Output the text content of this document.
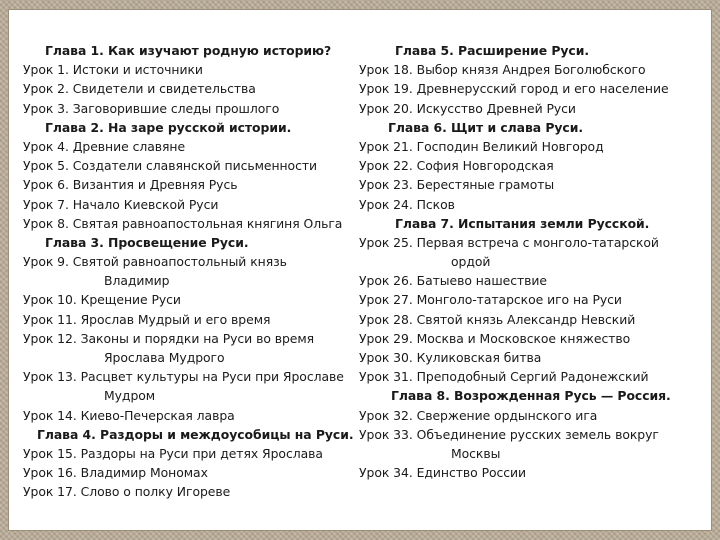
Глава 1. Как изучают родную историю?
Урок 1. Истоки и источники
Урок 2. Свидетели и свидетельства
Урок 3. Заговорившие следы прошлого
Глава 2. На заре русской истории.
Урок 4. Древние славяне
Урок 5. Создатели славянской письменности
Урок 6. Византия и Древняя Русь
Урок 7. Начало Киевской Руси
Урок 8. Святая равноапостольная княгиня Ольга
Глава 3. Просвещение Руси.
Урок 9. Святой равноапостольный князь
Владимир
Урок 10. Крещение Руси
Урок 11. Ярослав Мудрый и его время
Урок 12. Законы и порядки на Руси во время
Ярослава Мудрого
Урок 13. Расцвет культуры на Руси при Ярославе
Мудром
Урок 14. Киево-Печерская лавра
Глава 4. Раздоры и междоусобицы на Руси.
Урок 15. Раздоры на Руси при детях Ярослава
Урок 16. Владимир Мономах
Урок 17. Слово о полку Игореве
Глава 5. Расширение Руси.
Урок 18. Выбор князя Андрея Боголюбского
Урок 19. Древнерусский город и его население
Урок 20. Искусство Древней Руси
Глава 6. Щит и слава Руси.
Урок 21. Господин Великий Новгород
Урок 22. София Новгородская
Урок 23. Берестяные грамоты
Урок 24. Псков
Глава 7. Испытания земли Русской.
Урок 25. Первая встреча с монголо-татарской
ордой
Урок 26. Батыево нашествие
Урок 27. Монголо-татарское иго на Руси
Урок 28. Святой князь Александр Невский
Урок 29. Москва и Московское княжество
Урок 30. Куликовская битва
Урок 31. Преподобный Сергий Радонежский
Глава 8. Возрожденная Русь — Россия.
Урок 32. Свержение ордынского ига
Урок 33. Объединение русских земель вокруг
Москвы
Урок 34. Единство России
